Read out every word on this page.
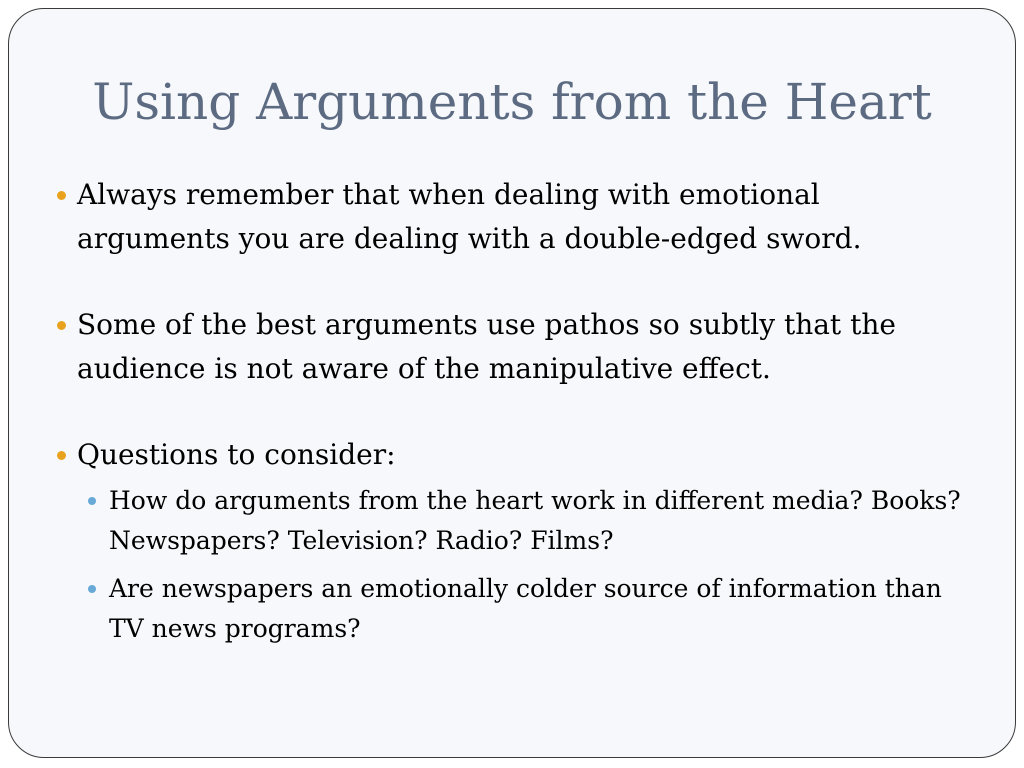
Using Arguments from the Heart
Always remember that when dealing with emotional arguments you are dealing with a double-edged sword.
Some of the best arguments use pathos so subtly that the audience is not aware of the manipulative effect.
Questions to consider:
How do arguments from the heart work in different media? Books? Newspapers? Television? Radio? Films?
Are newspapers an emotionally colder source of information than TV news programs?
